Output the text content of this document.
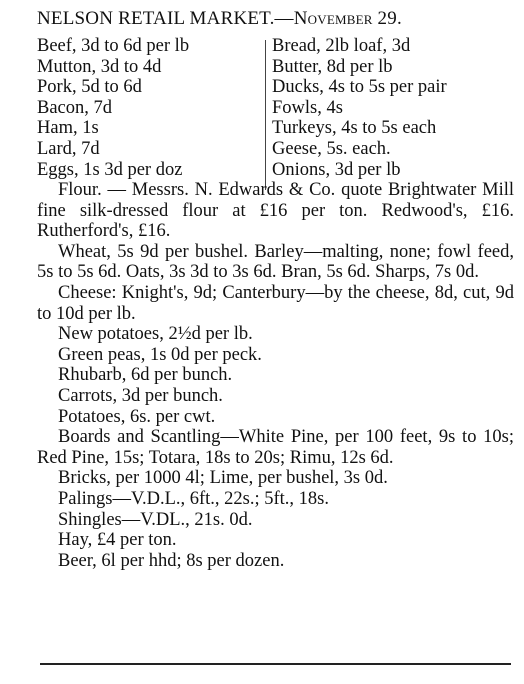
NELSON RETAIL MARKET.—November 29.
Beef, 3d to 6d per lb
Mutton, 3d to 4d
Pork, 5d to 6d
Bacon, 7d
Ham, 1s
Lard, 7d
Eggs, 1s 3d per doz
Bread, 2lb loaf, 3d
Butter, 8d per lb
Ducks, 4s to 5s per pair
Fowls, 4s
Turkeys, 4s to 5s each
Geese, 5s. each.
Onions, 3d per lb

Flour. — Messrs. N. Edwards & Co. quote Brightwater Mill fine silk-dressed flour at £16 per ton. Redwood's, £16. Rutherford's, £16.

Wheat, 5s 9d per bushel. Barley—malting, none; fowl feed, 5s to 5s 6d. Oats, 3s 3d to 3s 6d. Bran, 5s 6d. Sharps, 7s 0d.

Cheese: Knight's, 9d; Canterbury—by the cheese, 8d, cut, 9d to 10d per lb.

New potatoes, 2½d per lb.
Green peas, 1s 0d per peck.
Rhubarb, 6d per bunch.
Carrots, 3d per bunch.
Potatoes, 6s. per cwt.

Boards and Scantling—White Pine, per 100 feet, 9s to 10s; Red Pine, 15s; Totara, 18s to 20s; Rimu, 12s 6d.

Bricks, per 1000 4l; Lime, per bushel, 3s 0d.
Palings—V.D.L., 6ft., 22s.; 5ft., 18s.
Shingles—V.DL., 21s. 0d.
Hay, £4 per ton.
Beer, 6l per hhd; 8s per dozen.
